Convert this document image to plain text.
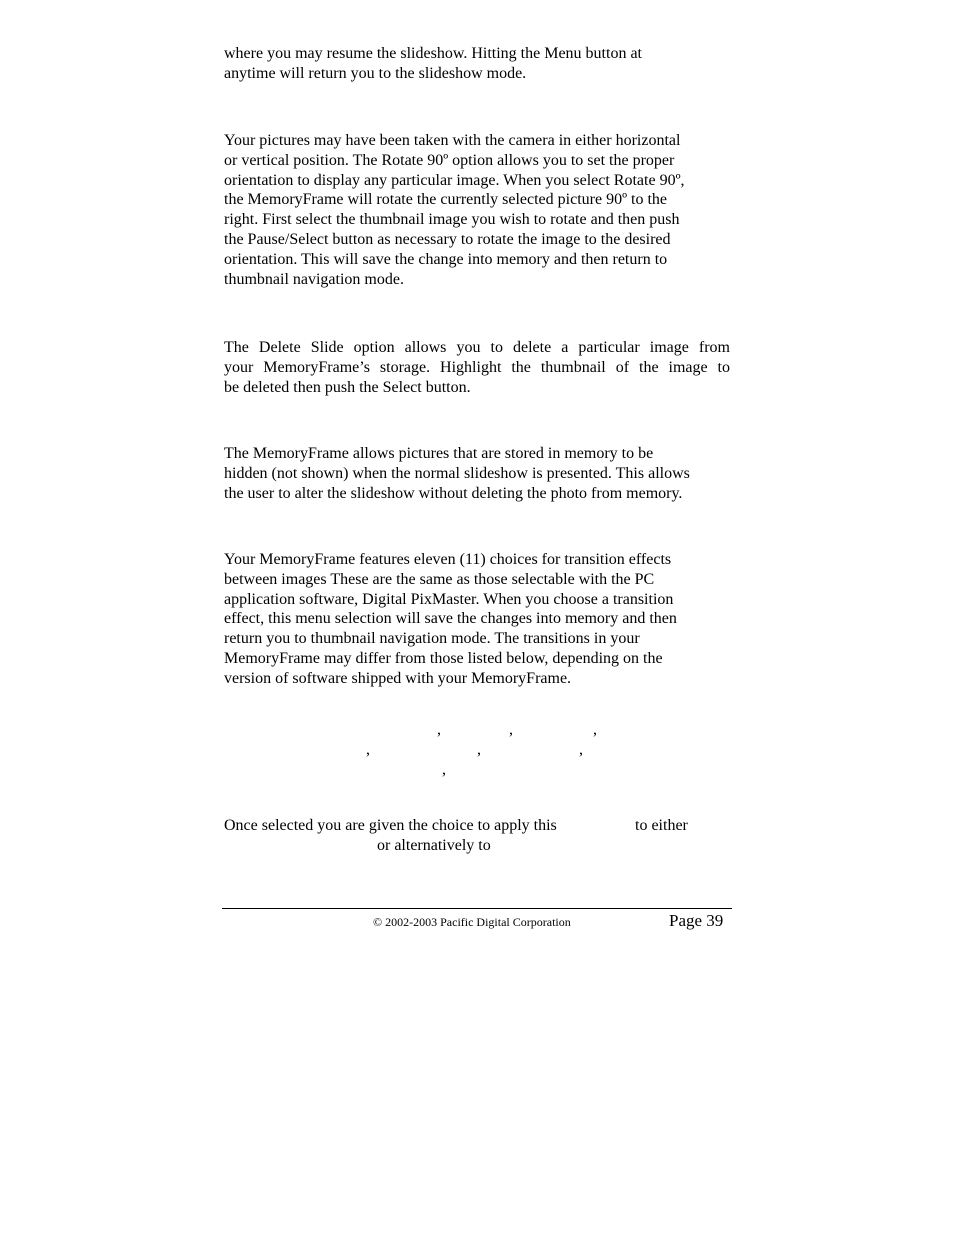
where you may resume the slideshow. Hitting the Menu button at
anytime will return you to the slideshow mode.
Your pictures may have been taken with the camera in either horizontal
or vertical position. The Rotate 90º option allows you to set the proper
orientation to display any particular image. When you select Rotate 90º,
the MemoryFrame will rotate the currently selected picture 90º to the
right. First select the thumbnail image you wish to rotate and then push
the Pause/Select button as necessary to rotate the image to the desired
orientation. This will save the change into memory and then return to
thumbnail navigation mode.
The Delete Slide option allows you to delete a particular image from
your MemoryFrame’s storage. Highlight the thumbnail of the image to
be deleted then push the Select button.
The MemoryFrame allows pictures that are stored in memory to be
hidden (not shown) when the normal slideshow is presented. This allows
the user to alter the slideshow without deleting the photo from memory.
Your MemoryFrame features eleven (11) choices for transition effects
between images These are the same as those selectable with the PC
application software, Digital PixMaster. When you choose a transition
effect, this menu selection will save the changes into memory and then
return you to thumbnail navigation mode. The transitions in your
MemoryFrame may differ from those listed below, depending on the
version of software shipped with your MemoryFrame.
,	,	,
,	,	,
,
Once selected you are given the choice to apply this	to either
or alternatively to
© 2002-2003 Pacific Digital Corporation	Page 39
